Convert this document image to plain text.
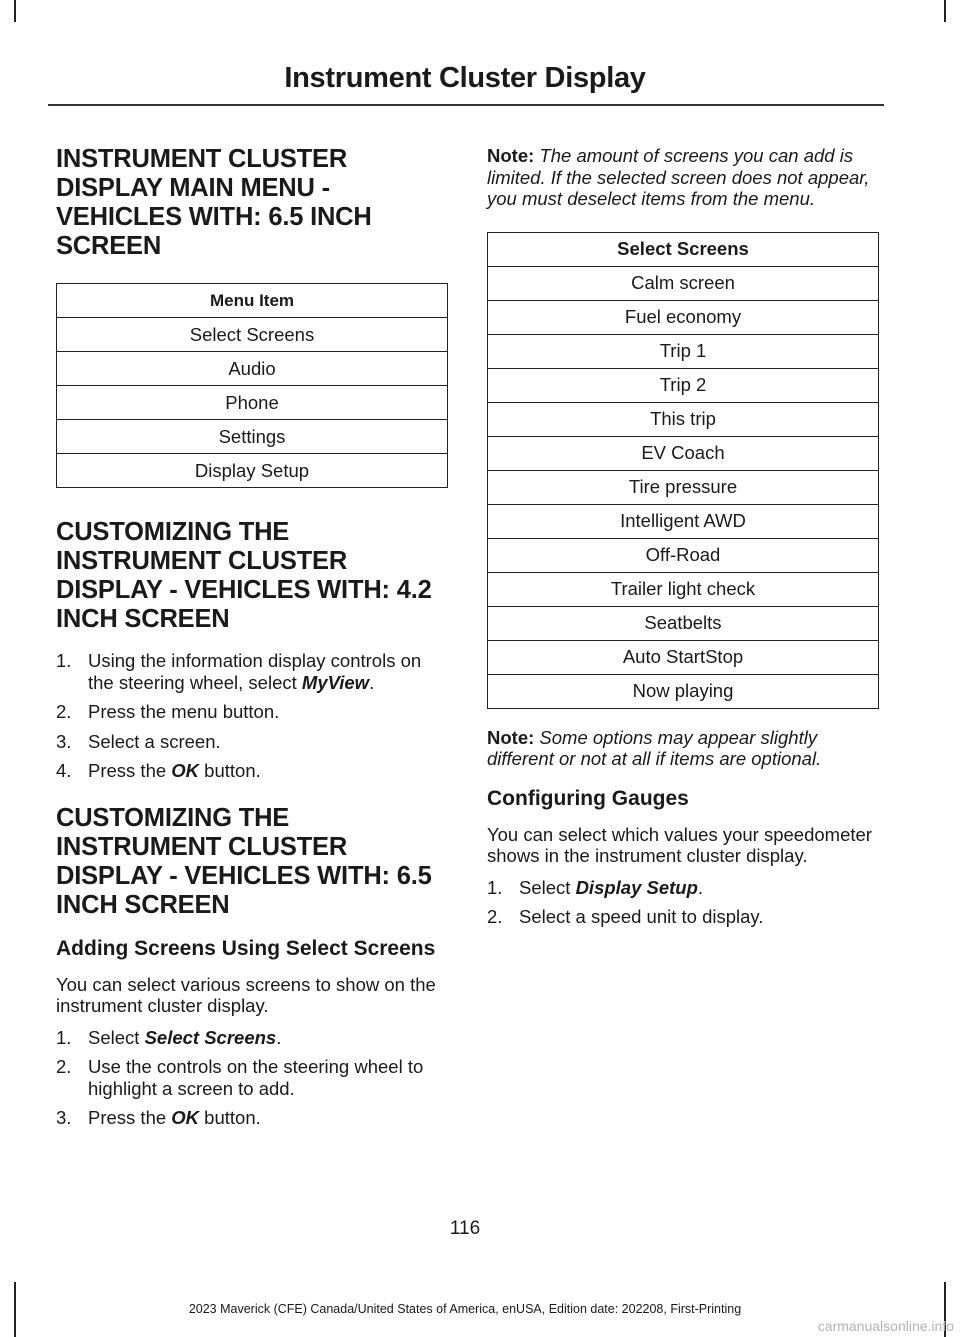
Instrument Cluster Display
INSTRUMENT CLUSTER
DISPLAY MAIN MENU -
VEHICLES WITH: 6.5 INCH
SCREEN
Menu Item
Select Screens
Audio
Phone
Settings
Display Setup
CUSTOMIZING THE
INSTRUMENT CLUSTER
DISPLAY - VEHICLES WITH: 4.2
INCH SCREEN
1. Using the information display controls on the steering wheel, select MyView.
2. Press the menu button.
3. Select a screen.
4. Press the OK button.
CUSTOMIZING THE
INSTRUMENT CLUSTER
DISPLAY - VEHICLES WITH: 6.5
INCH SCREEN
Adding Screens Using Select Screens

You can select various screens to show on the instrument cluster display.

1. Select Select Screens.
2. Use the controls on the steering wheel to highlight a screen to add.
3. Press the OK button.

Note: The amount of screens you can add is limited. If the selected screen does not appear, you must deselect items from the menu.

Select Screens
Calm screen
Fuel economy
Trip 1
Trip 2
This trip
EV Coach
Tire pressure
Intelligent AWD
Off-Road
Trailer light check
Seatbelts
Auto StartStop
Now playing

Note: Some options may appear slightly different or not at all if items are optional.

Configuring Gauges

You can select which values your speedometer shows in the instrument cluster display.

1. Select Display Setup.
2. Select a speed unit to display.
116
2023 Maverick (CFE) Canada/United States of America, enUSA, Edition date: 202208, First-Printing
carmanualsonline.info
